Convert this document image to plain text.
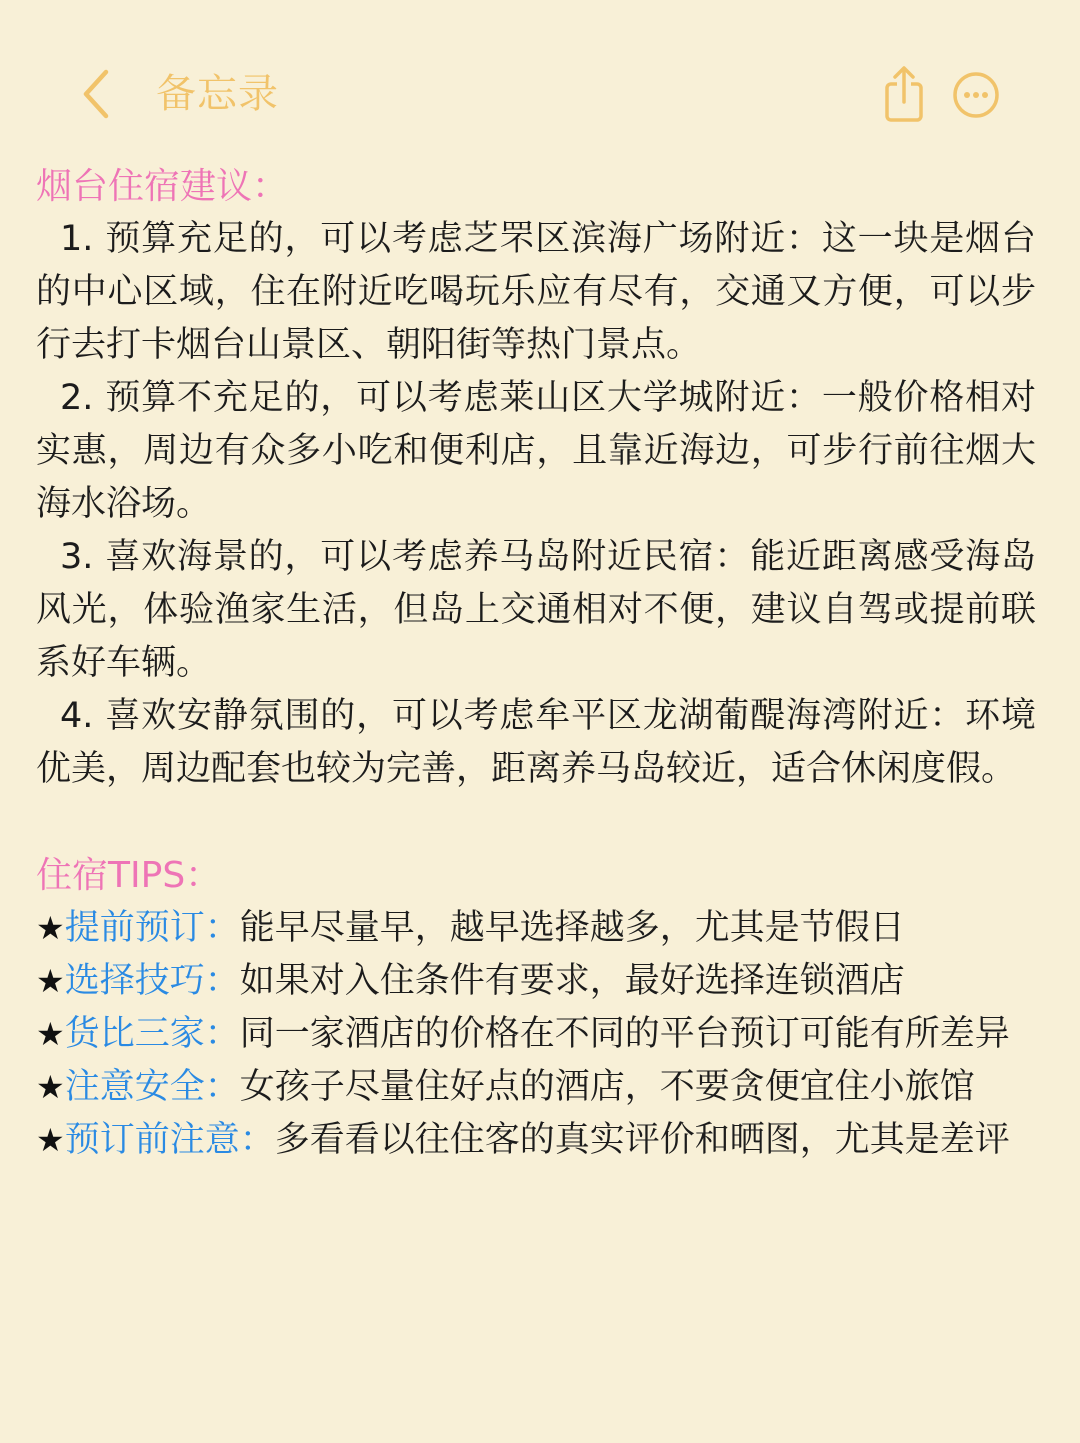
备忘录
烟台住宿建议：

1. 预算充足的，可以考虑芝罘区滨海广场附近：这一块是烟台的中心区域，住在附近吃喝玩乐应有尽有，交通又方便，可以步行去打卡烟台山景区、朝阳街等热门景点。

2. 预算不充足的，可以考虑莱山区大学城附近：一般价格相对实惠，周边有众多小吃和便利店，且靠近海边，可步行前往烟大海水浴场。

3. 喜欢海景的，可以考虑养马岛附近民宿：能近距离感受海岛风光，体验渔家生活，但岛上交通相对不便，建议自驾或提前联系好车辆。

4. 喜欢安静氛围的，可以考虑牟平区龙湖葡醍海湾附近：环境优美，周边配套也较为完善，距离养马岛较近，适合休闲度假。

住宿TIPS：

★提前预订：能早尽量早，越早选择越多，尤其是节假日

★选择技巧：如果对入住条件有要求，最好选择连锁酒店

★货比三家：同一家酒店的价格在不同的平台预订可能有所差异

★注意安全：女孩子尽量住好点的酒店，不要贪便宜住小旅馆

★预订前注意：多看看以往住客的真实评价和晒图，尤其是差评
